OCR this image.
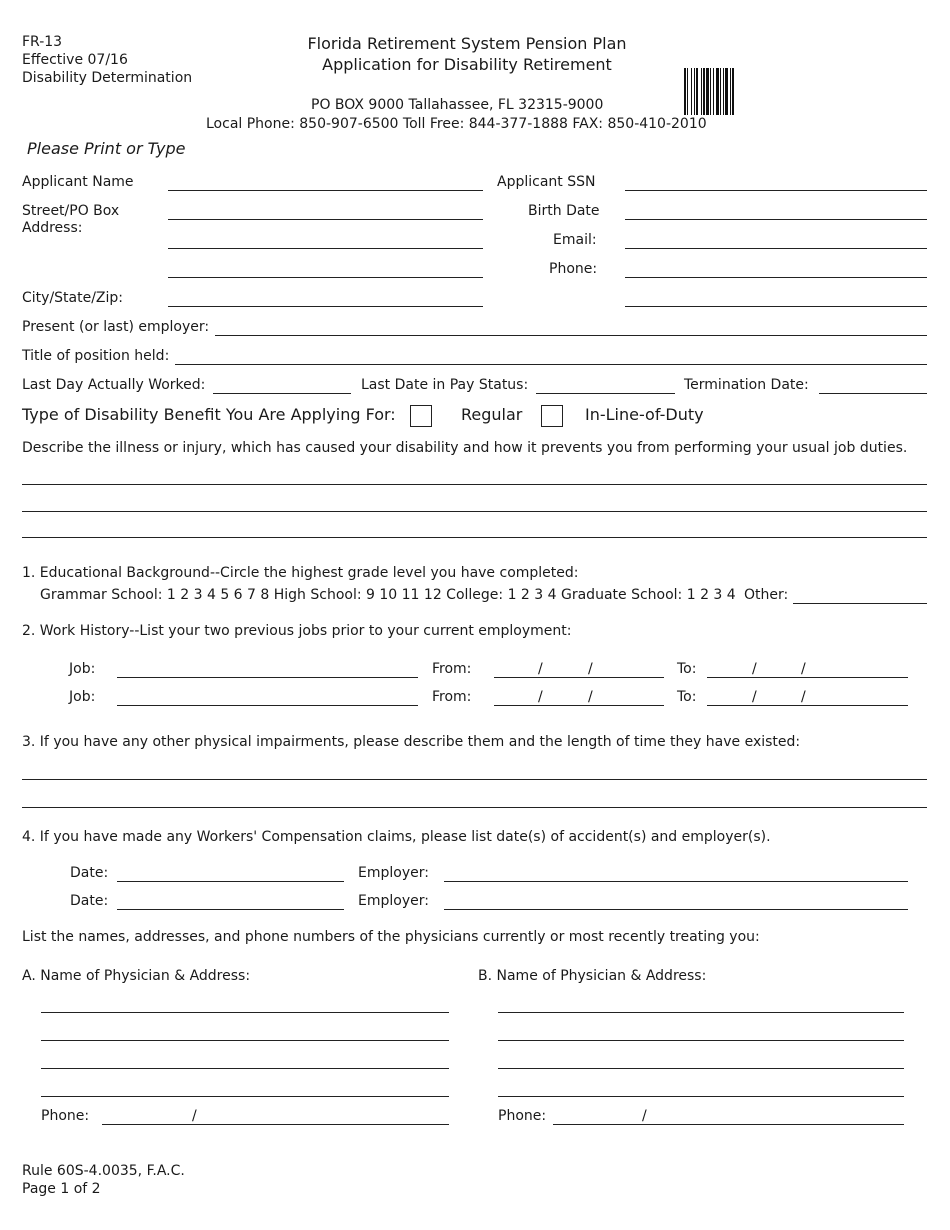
FR-13
Effective 07/16
Disability Determination
Florida Retirement System Pension Plan
Application for Disability Retirement
PO BOX 9000 Tallahassee, FL 32315-9000
Local Phone: 850-907-6500 Toll Free: 844-377-1888 FAX: 850-410-2010
Please Print or Type
Applicant Name
Street/PO Box
Address:
City/State/Zip:
Applicant SSN
Birth Date
Email:
Phone:
Present (or last) employer:
Title of position held:
Last Day Actually Worked:	Last Date in Pay Status:	Termination Date:
Type of Disability Benefit You Are Applying For:	Regular	In-Line-of-Duty
Describe the illness or injury, which has caused your disability and how it prevents you from performing your usual job duties.
1. Educational Background--Circle the highest grade level you have completed:
Grammar School: 1 2 3 4 5 6 7 8 High School: 9 10 11 12 College: 1 2 3 4 Graduate School: 1 2 3 4 Other:
2. Work History--List your two previous jobs prior to your current employment:
Job:	From:	/	/	To:	/	/
Job:	From:	/	/	To:	/	/
3. If you have any other physical impairments, please describe them and the length of time they have existed:
4. If you have made any Workers' Compensation claims, please list date(s) of accident(s) and employer(s).
Date:	Employer:
Date:	Employer:
List the names, addresses, and phone numbers of the physicians currently or most recently treating you:
A. Name of Physician & Address:	B. Name of Physician & Address:
Phone:	/	Phone:	/
Rule 60S-4.0035, F.A.C.
Page 1 of 2
